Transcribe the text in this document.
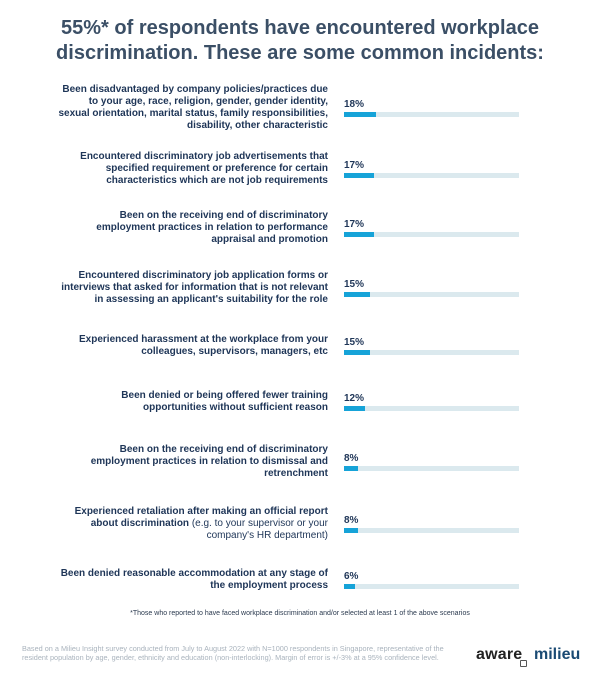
55%* of respondents have encountered workplace
discrimination. These are some common incidents:
Been disadvantaged by company policies/practices due to your age, race, religion, gender, gender identity, sexual orientation, marital status, family responsibilities, disability, other characteristic
18%
Encountered discriminatory job advertisements that specified requirement or preference for certain characteristics which are not job requirements
17%
Been on the receiving end of discriminatory employment practices in relation to performance appraisal and promotion
17%
Encountered discriminatory job application forms or interviews that asked for information that is not relevant in assessing an applicant's suitability for the role
15%
Experienced harassment at the workplace from your colleagues, supervisors, managers, etc
15%
Been denied or being offered fewer training opportunities without sufficient reason
12%
Been on the receiving end of discriminatory employment practices in relation to dismissal and retrenchment
8%
Experienced retaliation after making an official report about discrimination (e.g. to your supervisor or your company's HR department)
8%
Been denied reasonable accommodation at any stage of the employment process
6%
*Those who reported to have faced workplace discrimination and/or selected at least 1 of the above scenarios
Based on a Milieu Insight survey conducted from July to August 2022 with N=1000 respondents in Singapore, representative of the resident population by age, gender, ethnicity and education (non-interlocking). Margin of error is +/-3% at a 95% confidence level.	aware milieu
